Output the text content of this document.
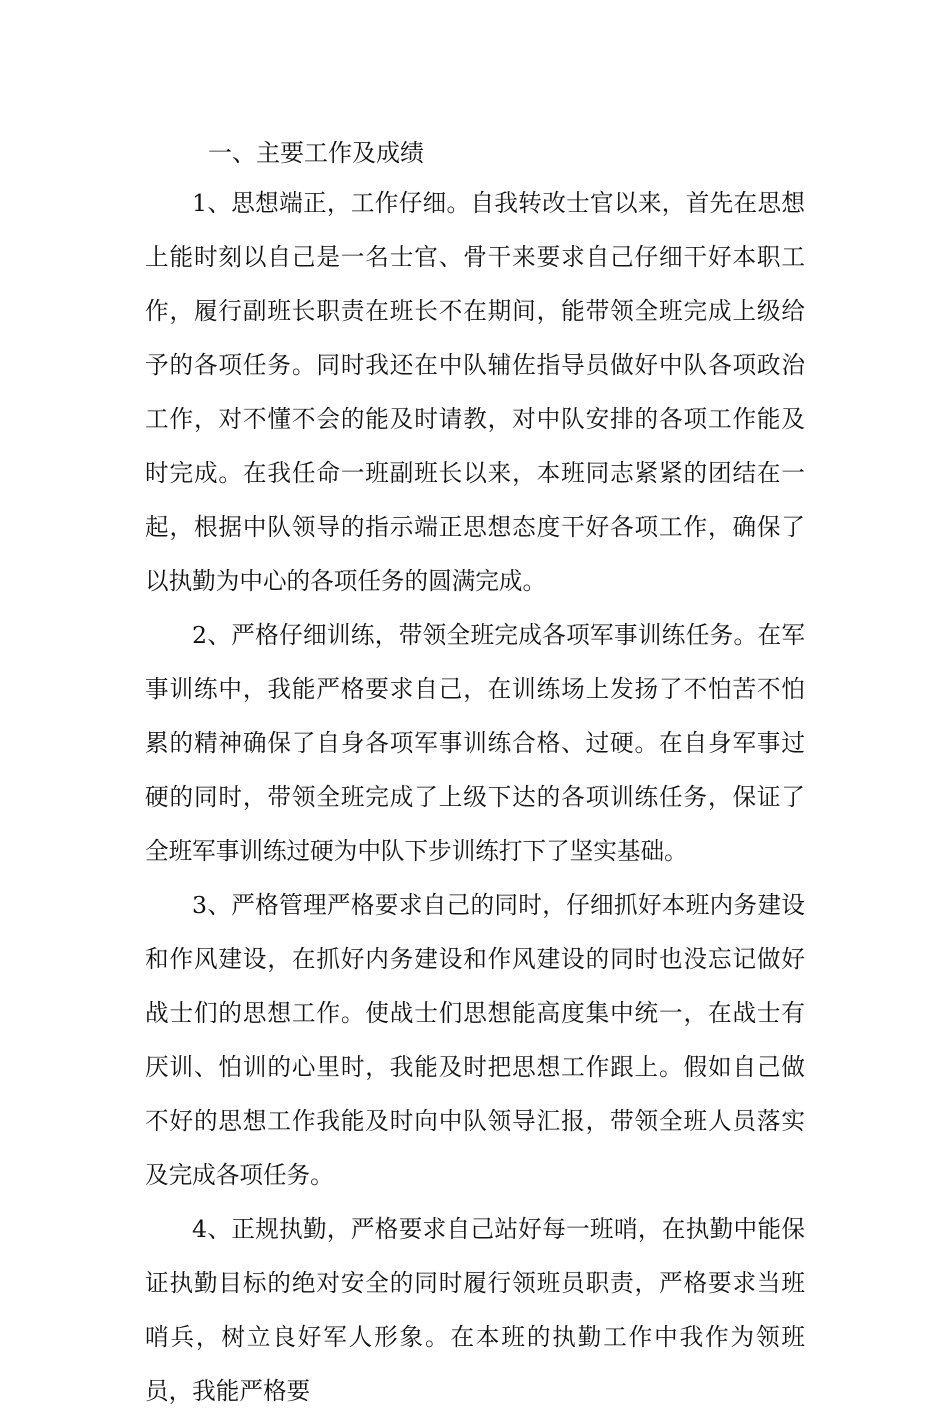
一、主要工作及成绩

1、思想端正，工作仔细。自我转改士官以来，首先在思想上能时刻以自己是一名士官、骨干来要求自己仔细干好本职工作，履行副班长职责在班长不在期间，能带领全班完成上级给予的各项任务。同时我还在中队辅佐指导员做好中队各项政治工作，对不懂不会的能及时请教，对中队安排的各项工作能及时完成。在我任命一班副班长以来，本班同志紧紧的团结在一起，根据中队领导的指示端正思想态度干好各项工作，确保了以执勤为中心的各项任务的圆满完成。

2、严格仔细训练，带领全班完成各项军事训练任务。在军事训练中，我能严格要求自己，在训练场上发扬了不怕苦不怕累的精神确保了自身各项军事训练合格、过硬。在自身军事过硬的同时，带领全班完成了上级下达的各项训练任务，保证了全班军事训练过硬为中队下步训练打下了坚实基础。

3、严格管理严格要求自己的同时，仔细抓好本班内务建设和作风建设，在抓好内务建设和作风建设的同时也没忘记做好战士们的思想工作。使战士们思想能高度集中统一，在战士有厌训、怕训的心里时，我能及时把思想工作跟上。假如自己做不好的思想工作我能及时向中队领导汇报，带领全班人员落实及完成各项任务。

4、正规执勤，严格要求自己站好每一班哨，在执勤中能保证执勤目标的绝对安全的同时履行领班员职责，严格要求当班哨兵，树立良好军人形象。在本班的执勤工作中我作为领班员，我能严格要
